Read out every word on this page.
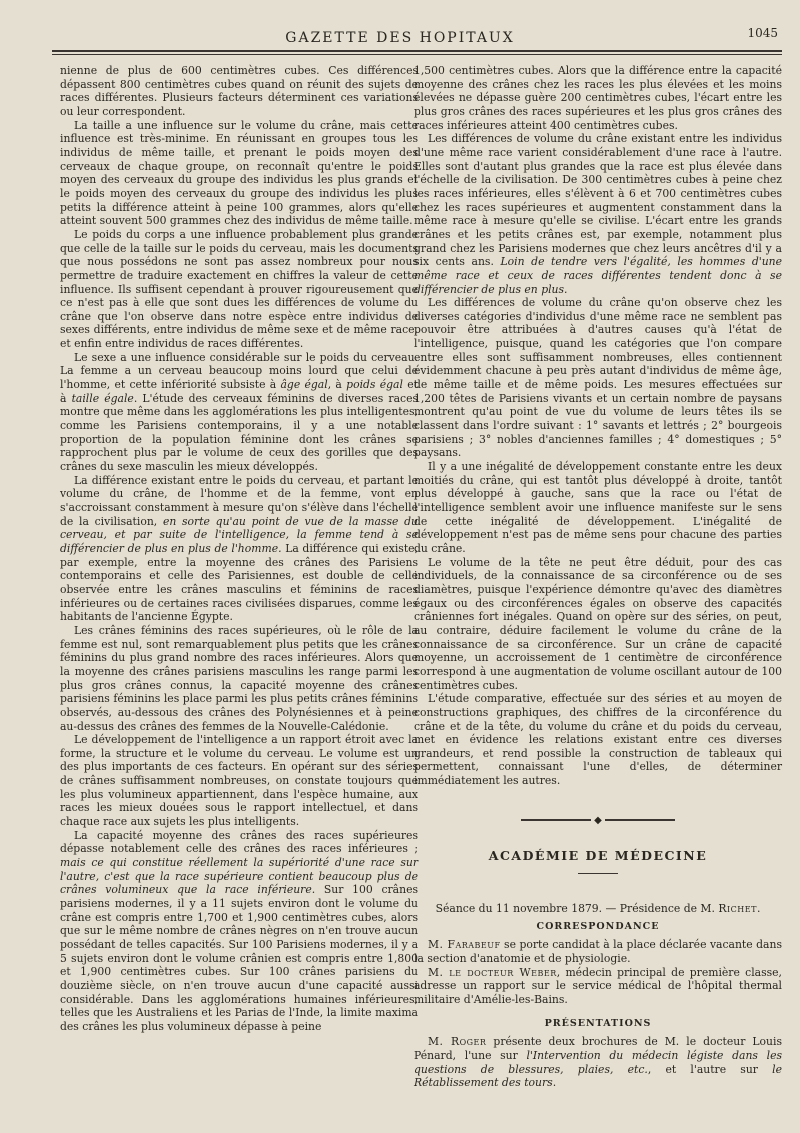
GAZETTE DES HOPITAUX	1045

nienne de plus de 600 centimètres cubes. Ces différences dépassent 800 centimètres cubes quand on réunit des sujets de races différentes. Plusieurs facteurs déterminent ces variations ou leur correspondent.

La taille a une influence sur le volume du crâne, mais cette influence est très-minime. En réunissant en groupes tous les individus de même taille, et prenant le poids moyen des cerveaux de chaque groupe, on reconnaît qu'entre le poids moyen des cerveaux du groupe des individus les plus grands et le poids moyen des cerveaux du groupe des individus les plus petits la différence atteint à peine 100 grammes, alors qu'elle atteint souvent 500 grammes chez des individus de même taille.

Le poids du corps a une influence probablement plus grande que celle de la taille sur le poids du cerveau, mais les documents que nous possédons ne sont pas assez nombreux pour nous permettre de traduire exactement en chiffres la valeur de cette influence. Ils suffisent cependant à prouver rigoureusement que ce n'est pas à elle que sont dues les différences de volume du crâne que l'on observe dans notre espèce entre individus de sexes différents, entre individus de même sexe et de même race, et enfin entre individus de races différentes.

Le sexe a une influence considérable sur le poids du cerveau. La femme a un cerveau beaucoup moins lourd que celui de l'homme, et cette infériorité subsiste à âge égal, à poids égal et à taille égale. L'étude des cerveaux féminins de diverses races montre que même dans les agglomérations les plus intelligentes, comme les Parisiens contemporains, il y a une notable proportion de la population féminine dont les crânes se rapprochent plus par le volume de ceux des gorilles que des crânes du sexe masculin les mieux développés.

La différence existant entre le poids du cerveau, et partant le volume du crâne, de l'homme et de la femme, vont en s'accroissant constamment à mesure qu'on s'élève dans l'échelle de la civilisation, en sorte qu'au point de vue de la masse du cerveau, et par suite de l'intelligence, la femme tend à se différencier de plus en plus de l'homme. La différence qui existe, par exemple, entre la moyenne des crânes des Parisiens contemporains et celle des Parisiennes, est double de celle observée entre les crânes masculins et féminins de races inférieures ou de certaines races civilisées disparues, comme les habitants de l'ancienne Égypte.

Les crânes féminins des races supérieures, où le rôle de la femme est nul, sont remarquablement plus petits que les crânes féminins du plus grand nombre des races inférieures. Alors que la moyenne des crânes parisiens masculins les range parmi les plus gros crânes connus, la capacité moyenne des crânes parisiens féminins les place parmi les plus petits crânes féminins observés, au-dessous des crânes des Polynésiennes et à peine au-dessus des crânes des femmes de la Nouvelle-Calédonie.

Le développement de l'intelligence a un rapport étroit avec la forme, la structure et le volume du cerveau. Le volume est un des plus importants de ces facteurs. En opérant sur des séries de crânes suffisamment nombreuses, on constate toujours que les plus volumineux appartiennent, dans l'espèce humaine, aux races les mieux douées sous le rapport intellectuel, et dans chaque race aux sujets les plus intelligents.

La capacité moyenne des crânes des races supérieures dépasse notablement celle des crânes des races inférieures ; mais ce qui constitue réellement la supériorité d'une race sur l'autre, c'est que la race supérieure contient beaucoup plus de crânes volumineux que la race inférieure. Sur 100 crânes parisiens modernes, il y a 11 sujets environ dont le volume du crâne est compris entre 1,700 et 1,900 centimètres cubes, alors que sur le même nombre de crânes nègres on n'en trouve aucun possédant de telles capacités. Sur 100 Parisiens modernes, il y a 5 sujets environ dont le volume crânien est compris entre 1,800 et 1,900 centimètres cubes. Sur 100 crânes parisiens du douzième siècle, on n'en trouve aucun d'une capacité aussi considérable. Dans les agglomérations humaines inférieures, telles que les Australiens et les Parias de l'Inde, la limite maxima des crânes les plus volumineux dépasse à peine

1,500 centimètres cubes. Alors que la différence entre la capacité moyenne des crânes chez les races les plus élevées et les moins élevées ne dépasse guère 200 centimètres cubes, l'écart entre les plus gros crânes des races supérieures et les plus gros crânes des races inférieures atteint 400 centimètres cubes.

Les différences de volume du crâne existant entre les individus d'une même race varient considérablement d'une race à l'autre. Elles sont d'autant plus grandes que la race est plus élevée dans l'échelle de la civilisation. De 300 centimètres cubes à peine chez les races inférieures, elles s'élèvent à 6 et 700 centimètres cubes chez les races supérieures et augmentent constamment dans la même race à mesure qu'elle se civilise. L'écart entre les grands crânes et les petits crânes est, par exemple, notamment plus grand chez les Parisiens modernes que chez leurs ancêtres d'il y a six cents ans. Loin de tendre vers l'égalité, les hommes d'une même race et ceux de races différentes tendent donc à se différencier de plus en plus.

Les différences de volume du crâne qu'on observe chez les diverses catégories d'individus d'une même race ne semblent pas pouvoir être attribuées à d'autres causes qu'à l'état de l'intelligence, puisque, quand les catégories que l'on compare entre elles sont suffisamment nombreuses, elles contiennent évidemment chacune à peu près autant d'individus de même âge, de même taille et de même poids. Les mesures effectuées sur 1,200 têtes de Parisiens vivants et un certain nombre de paysans montrent qu'au point de vue du volume de leurs têtes ils se classent dans l'ordre suivant : 1° savants et lettrés ; 2° bourgeois parisiens ; 3° nobles d'anciennes familles ; 4° domestiques ; 5° paysans.

Il y a une inégalité de développement constante entre les deux moitiés du crâne, qui est tantôt plus développé à droite, tantôt plus développé à gauche, sans que la race ou l'état de l'intelligence semblent avoir une influence manifeste sur le sens de cette inégalité de développement. L'inégalité de développement n'est pas de même sens pour chacune des parties du crâne.

Le volume de la tête ne peut être déduit, pour des cas individuels, de la connaissance de sa circonférence ou de ses diamètres, puisque l'expérience démontre qu'avec des diamètres égaux ou des circonférences égales on observe des capacités crâniennes fort inégales. Quand on opère sur des séries, on peut, au contraire, déduire facilement le volume du crâne de la connaissance de sa circonférence. Sur un crâne de capacité moyenne, un accroissement de 1 centimètre de circonférence correspond à une augmentation de volume oscillant autour de 100 centimètres cubes.

L'étude comparative, effectuée sur des séries et au moyen de constructions graphiques, des chiffres de la circonférence du crâne et de la tête, du volume du crâne et du poids du cerveau, met en évidence les relations existant entre ces diverses grandeurs, et rend possible la construction de tableaux qui permettent, connaissant l'une d'elles, de déterminer immédiatement les autres.

◆
ACADÉMIE DE MÉDECINE

Séance du 11 novembre 1879. — Présidence de M. Richet.

CORRESPONDANCE

M. Farabeuf se porte candidat à la place déclarée vacante dans la section d'anatomie et de physiologie.

M. le docteur Weber, médecin principal de première classe, adresse un rapport sur le service médical de l'hôpital thermal militaire d'Amélie-les-Bains.

PRÉSENTATIONS

M. Roger présente deux brochures de M. le docteur Louis Pénard, l'une sur l'Intervention du médecin légiste dans les questions de blessures, plaies, etc., et l'autre sur le Rétablissement des tours.
